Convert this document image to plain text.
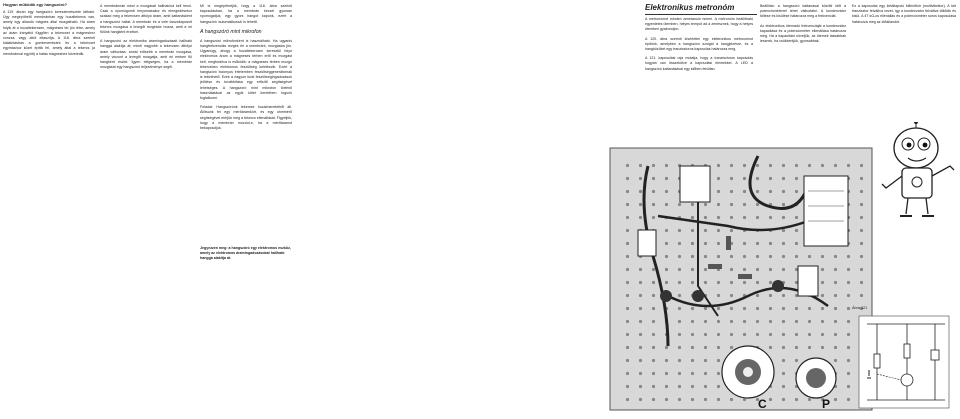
Hogyan működik egy hangszóró?

A 119. ábrán egy hangszóró keresztmetszete látható. Úgy megépíthető membránban egy huzaltekercs van, amely egy állandó mágnes által mozgatható. Ha áram folyik át a huzaltekercsen, mágneses tér jön létre, amely az áram irányától függően a tekercset a mágneshez vonzza, vagy attól eltaszítja. A 118. ábra szerinti kialakításban a gombmembránt és a tekercset egymáshoz közel építik fel, amely által a tekercs (a membránnal együtt) a hatás mágneshez közeledik.

A membránnak mind a mozgását hallhatóvá kell tenni. Csak a nyomógomb lenyomásakor és elengedésekor szakad meg a tekercsen átfolyó áram, amit kattanásként a hangszóró hallat. A membrán és a vele összekapcsolt tekercs mozgása a levegőt rezgésbe hozza, amit a mi fülünk hangként érzékel.

A hangszóró az elektronika áramingadozásait hallható hanggá alakítja át; minél nagyobb a tekercsen átfolyó áram változása, annál erősebb a membrán mozgása, amely viszont a levegőt mozgatja, amit mi emberi fül hangként észlel. Ígyen elégséges, ha a membrán mozgását egy hangszóró teljesítménye segíti.

Mi is megépíthetjük, hogy a 118. ábra szerinti kapcsolásban, ha a membrán kézzel gyorsan nyomogatjuk, egy gyors hangot kapunk, ezért a hangszóró 'automatikussá' is tehető.

A hangszóró mint mikrofon

A hangszóró mikrofonként is használható. Ha ugyanis hangfrekvenciás rezgés éri a membránt, mozgásba jön. Ugyanúgy, ahogy a huzaltekercsen keresztül folyó elektromos áram a mágneses térben erőt és mozgást kelt, megfordítva is működik: a mágneses térben mozgó tekercsben elektromos feszültség keletkezik. Ezért a hangszóró bizonyos értelemben feszültséggenerátornak is tekinthető. Ezek a nagyon kicsi feszültségingadozások jelölése és továbbítása egy erősítő segítségével lehetséges. A hangszóró mint mikrofon történő használatával az egyik kötet keretében fogunk foglalkozni.

Feladat: Hangszórónk tekercse huzalmeneteiből áll. Állítsunk fel egy mérőáramkört, és egy ohmmérő segítségével mérjük meg a tekercs ellenállását. Figyeljük, hogy a membrán mozdul-e, ha a mérőáramot bekapcsoljuk.

Jegyezzen meg: a hangszóró egy elektromos eszköz, amely az elektromos áramingadozásokat hallható hanggá alakítja át.
C	P
Elektronikus metronóm

A metronómot minden zenetanuló ismeri. A metronóm beállítható egyenletes ütemben, helyes tempót ad a zenésznek, hogy a helyes ütemben gyakoroljon.

A 120. ábra szerinti kísérlettel egy elektronikus metronómot építünk, amelyben a hangszóró szolgál a hangjelzésre, és a hangközöket egy tranzisztoros kapcsolás határozza meg.

A 121. kapcsolási rajz mutatja, hogy a tranzisztoros kapcsolás hogyan van összekötve a kapcsolási elemekkel. A LED a hangszóró kattanásával egy időben felvillan.

Beállítás: a hangszóró kattanásai közötti időt a potenciométerrel lehet változtatni. A kondenzátor töltése és kisülése határozza meg a frekvenciát.

Az elektronikus ütemadó frekvenciáját a kondenzátor kapacitása és a potenciométer ellenállása határozza meg. Ha a kapacitást növeljük, az ütemek lassabbak lesznek, ha csökkentjük, gyorsabbak.

Ez a kapcsolás egy kétállapotú billenőkör (multivibrátor). A két tranzisztor felváltva vezet, így a kondenzátor felváltva töltődik és kisül. A 47 kΩ-os ellenállás és a potenciométer soros kapcsolása határozza meg az időállandót.

Ábra 121
